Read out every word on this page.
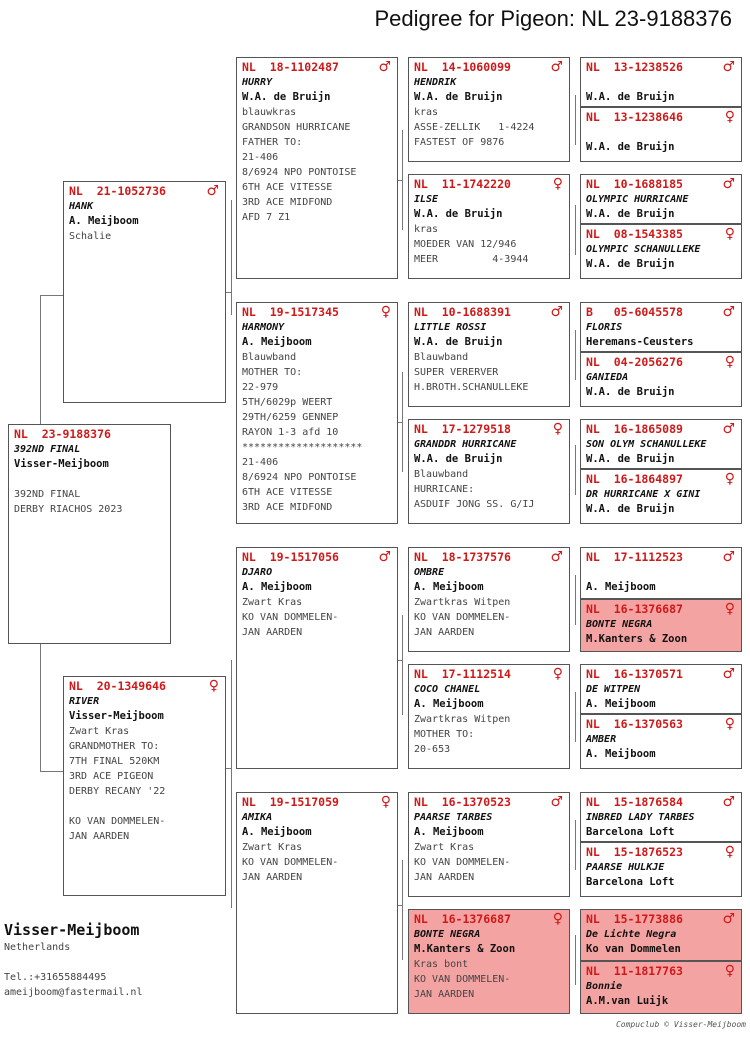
Pedigree for Pigeon: NL 23-9188376
NL  23-9188376
392ND FINAL
Visser-Meijboom
392ND FINAL
DERBY RIACHOS 2023
NL  21-1052736	♂
HANK
A. Meijboom
Schalie
NL  20-1349646	♀
RIVER
Visser-Meijboom
Zwart Kras
GRANDMOTHER TO:
7TH FINAL 520KM
3RD ACE PIGEON
DERBY RECANY '22
KO VAN DOMMELEN-
JAN AARDEN
NL  18-1102487	♂
HURRY
W.A. de Bruijn
blauwkras
GRANDSON HURRICANE
FATHER TO:
21-406
8/6924 NPO PONTOISE
6TH ACE VITESSE
3RD ACE MIDFOND
AFD 7 Z1
NL  19-1517345	♀
HARMONY
A. Meijboom
Blauwband
MOTHER TO:
22-979
5TH/6029p WEERT
29TH/6259 GENNEP
RAYON 1-3 afd 10
********************
21-406
8/6924 NPO PONTOISE
6TH ACE VITESSE
3RD ACE MIDFOND
NL  19-1517056	♂
DJARO
A. Meijboom
Zwart Kras
KO VAN DOMMELEN-
JAN AARDEN
NL  19-1517059	♀
AMIKA
A. Meijboom
Zwart Kras
KO VAN DOMMELEN-
JAN AARDEN
NL  14-1060099	♂
HENDRIK
W.A. de Bruijn
kras
ASSE-ZELLIK   1-4224
FASTEST OF 9876
NL  11-1742220	♀
ILSE
W.A. de Bruijn
kras
MOEDER VAN 12/946
MEER         4-3944
NL  10-1688391	♂
LITTLE ROSSI
W.A. de Bruijn
Blauwband
SUPER VERERVER
H.BROTH.SCHANULLEKE
NL  17-1279518	♀
GRANDDR HURRICANE
W.A. de Bruijn
Blauwband
HURRICANE:
ASDUIF JONG SS. G/IJ
NL  18-1737576	♂
OMBRE
A. Meijboom
Zwartkras Witpen
KO VAN DOMMELEN-
JAN AARDEN
NL  17-1112514	♀
COCO CHANEL
A. Meijboom
Zwartkras Witpen
MOTHER TO:
20-653
NL  16-1370523	♂
PAARSE TARBES
A. Meijboom
Zwart Kras
KO VAN DOMMELEN-
JAN AARDEN
NL  16-1376687	♀
BONTE NEGRA
M.Kanters & Zoon
Kras bont
KO VAN DOMMELEN-
JAN AARDEN
NL  13-1238526	♂
W.A. de Bruijn
NL  13-1238646	♀
W.A. de Bruijn
NL  10-1688185	♂
OLYMPIC HURRICANE
W.A. de Bruijn
NL  08-1543385	♀
OLYMPIC SCHANULLEKE
W.A. de Bruijn
B   05-6045578	♂
FLORIS
Heremans-Ceusters
NL  04-2056276	♀
GANIEDA
W.A. de Bruijn
NL  16-1865089	♂
SON OLYM SCHANULLEKE
W.A. de Bruijn
NL  16-1864897	♀
DR HURRICANE X GINI
W.A. de Bruijn
NL  17-1112523	♂
A. Meijboom
NL  16-1376687	♀
BONTE NEGRA
M.Kanters & Zoon
NL  16-1370571	♂
DE WITPEN
A. Meijboom
NL  16-1370563	♀
AMBER
A. Meijboom
NL  15-1876584	♂
INBRED LADY TARBES
Barcelona Loft
NL  15-1876523	♀
PAARSE HULKJE
Barcelona Loft
NL  15-1773886	♂
De Lichte Negra
Ko van Dommelen
NL  11-1817763	♀
Bonnie
A.M.van Luijk
Visser-Meijboom
Netherlands
Tel.:+31655884495
ameijboom@fastermail.nl
Compuclub © Visser-Meijboom
